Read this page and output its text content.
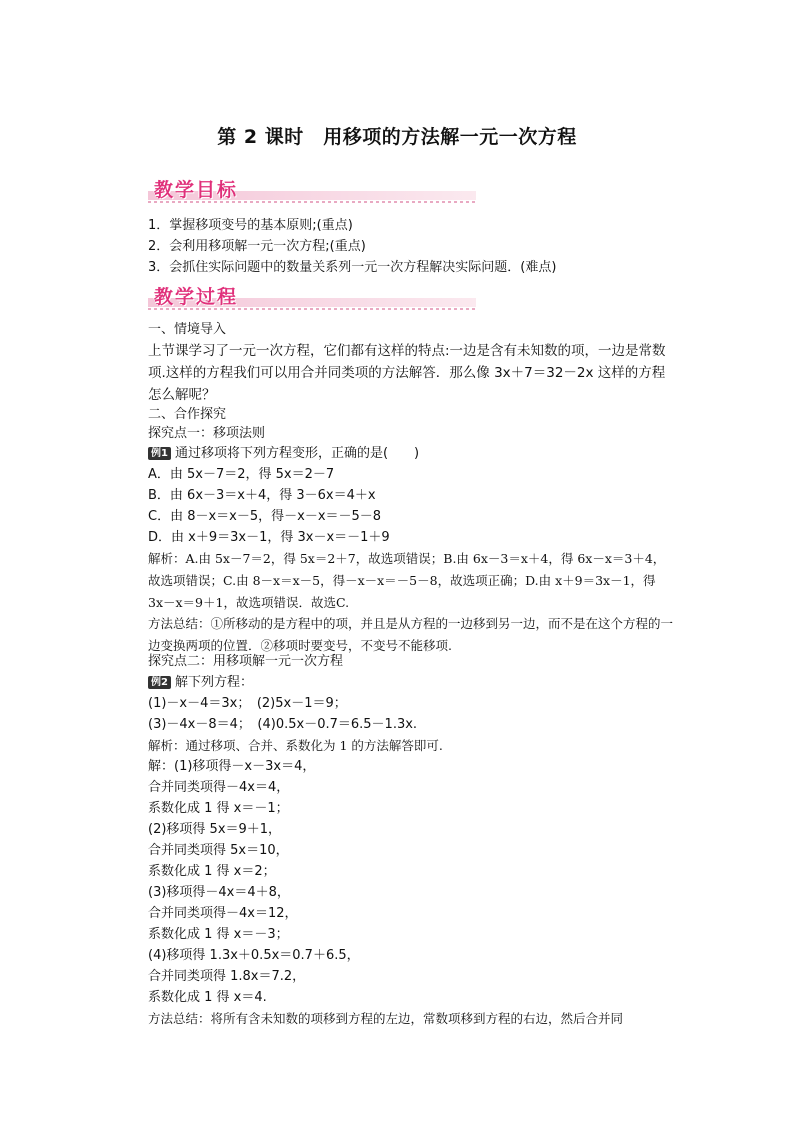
第 2 课时　用移项的方法解一元一次方程
教学目标
1．掌握移项变号的基本原则;(重点)
2．会利用移项解一元一次方程;(重点)
3．会抓住实际问题中的数量关系列一元一次方程解决实际问题．(难点)
教学过程
一、情境导入
上节课学习了一元一次方程，它们都有这样的特点:一边是含有未知数的项，一边是常数项.这样的方程我们可以用合并同类项的方法解答．那么像 3x＋7＝32－2x 这样的方程怎么解呢？
二、合作探究
探究点一：移项法则
例1 通过移项将下列方程变形，正确的是(　　)
A．由 5x－7＝2，得 5x＝2－7
B．由 6x－3＝x＋4，得 3－6x＝4＋x
C．由 8－x＝x－5，得－x－x＝－5－8
D．由 x＋9＝3x－1，得 3x－x＝－1＋9
解析：A.由 5x－7＝2，得 5x＝2＋7，故选项错误；B.由 6x－3＝x＋4，得 6x－x＝3＋4，故选项错误；C.由 8－x＝x－5，得－x－x＝－5－8，故选项正确；D.由 x＋9＝3x－1，得 3x－x＝9＋1，故选项错误．故选C.
方法总结：①所移动的是方程中的项，并且是从方程的一边移到另一边，而不是在这个方程的一边变换两项的位置．②移项时要变号，不变号不能移项.
探究点二：用移项解一元一次方程
例2 解下列方程：
(1)－x－4＝3x；　(2)5x－1＝9；
(3)－4x－8＝4；　(4)0.5x－0.7＝6.5－1.3x.
解析：通过移项、合并、系数化为 1 的方法解答即可.
解：(1)移项得－x－3x＝4，
合并同类项得－4x＝4，
系数化成 1 得 x＝－1；
(2)移项得 5x＝9＋1，
合并同类项得 5x＝10，
系数化成 1 得 x＝2；
(3)移项得－4x＝4＋8，
合并同类项得－4x＝12，
系数化成 1 得 x＝－3；
(4)移项得 1.3x＋0.5x＝0.7＋6.5，
合并同类项得 1.8x＝7.2，
系数化成 1 得 x＝4.
方法总结：将所有含未知数的项移到方程的左边，常数项移到方程的右边，然后合并同
